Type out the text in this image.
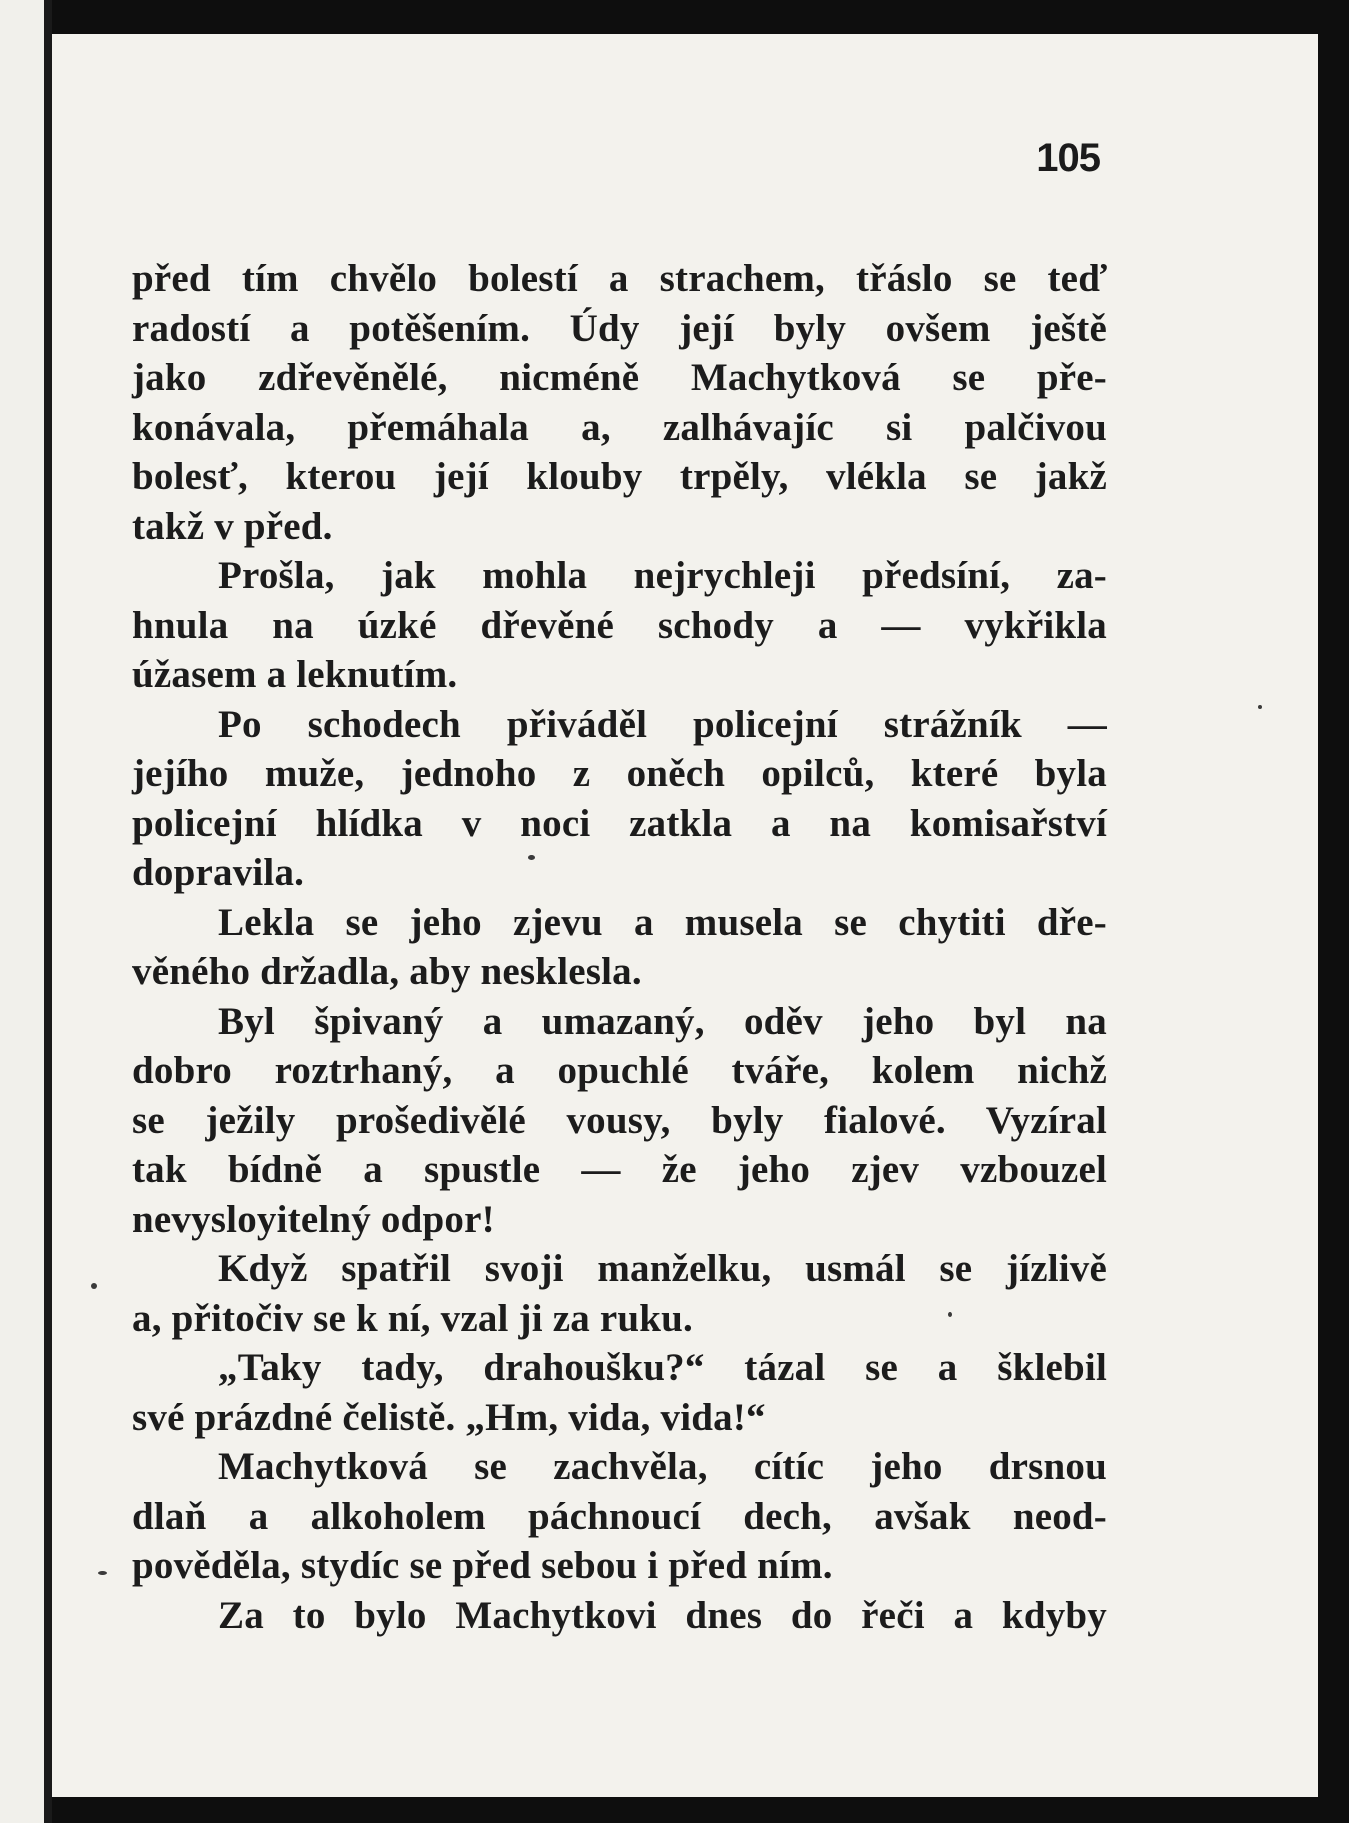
105
před tím chvělo bolestí a strachem, třáslo se teď
radostí a potěšením. Údy její byly ovšem ještě
jako zdřevěnělé, nicméně Machytková se pře-
konávala, přemáhala a, zalhávajíc si palčivou
bolesť, kterou její klouby trpěly, vlékla se jakž
takž v před.
Prošla, jak mohla nejrychleji předsíní, za-
hnula na úzké dřevěné schody a — vykřikla
úžasem a leknutím.
Po schodech přiváděl policejní strážník —
jejího muže, jednoho z oněch opilců, které byla
policejní hlídka v noci zatkla a na komisařství
dopravila.
Lekla se jeho zjevu a musela se chytiti dře-
věného držadla, aby nesklesla.
Byl špivaný a umazaný, oděv jeho byl na
dobro roztrhaný, a opuchlé tváře, kolem nichž
se ježily prošedivělé vousy, byly fialové. Vyzíral
tak bídně a spustle — že jeho zjev vzbouzel
nevysloyitelný odpor!
Když spatřil svoji manželku, usmál se jízlivě
a, přitočiv se k ní, vzal ji za ruku.
„Taky tady, drahoušku?“ tázal se a šklebil
své prázdné čelistě. „Hm, vida, vida!“
Machytková se zachvěla, cítíc jeho drsnou
dlaň a alkoholem páchnoucí dech, avšak neod-
pověděla, stydíc se před sebou i před ním.
Za to bylo Machytkovi dnes do řeči a kdyby
